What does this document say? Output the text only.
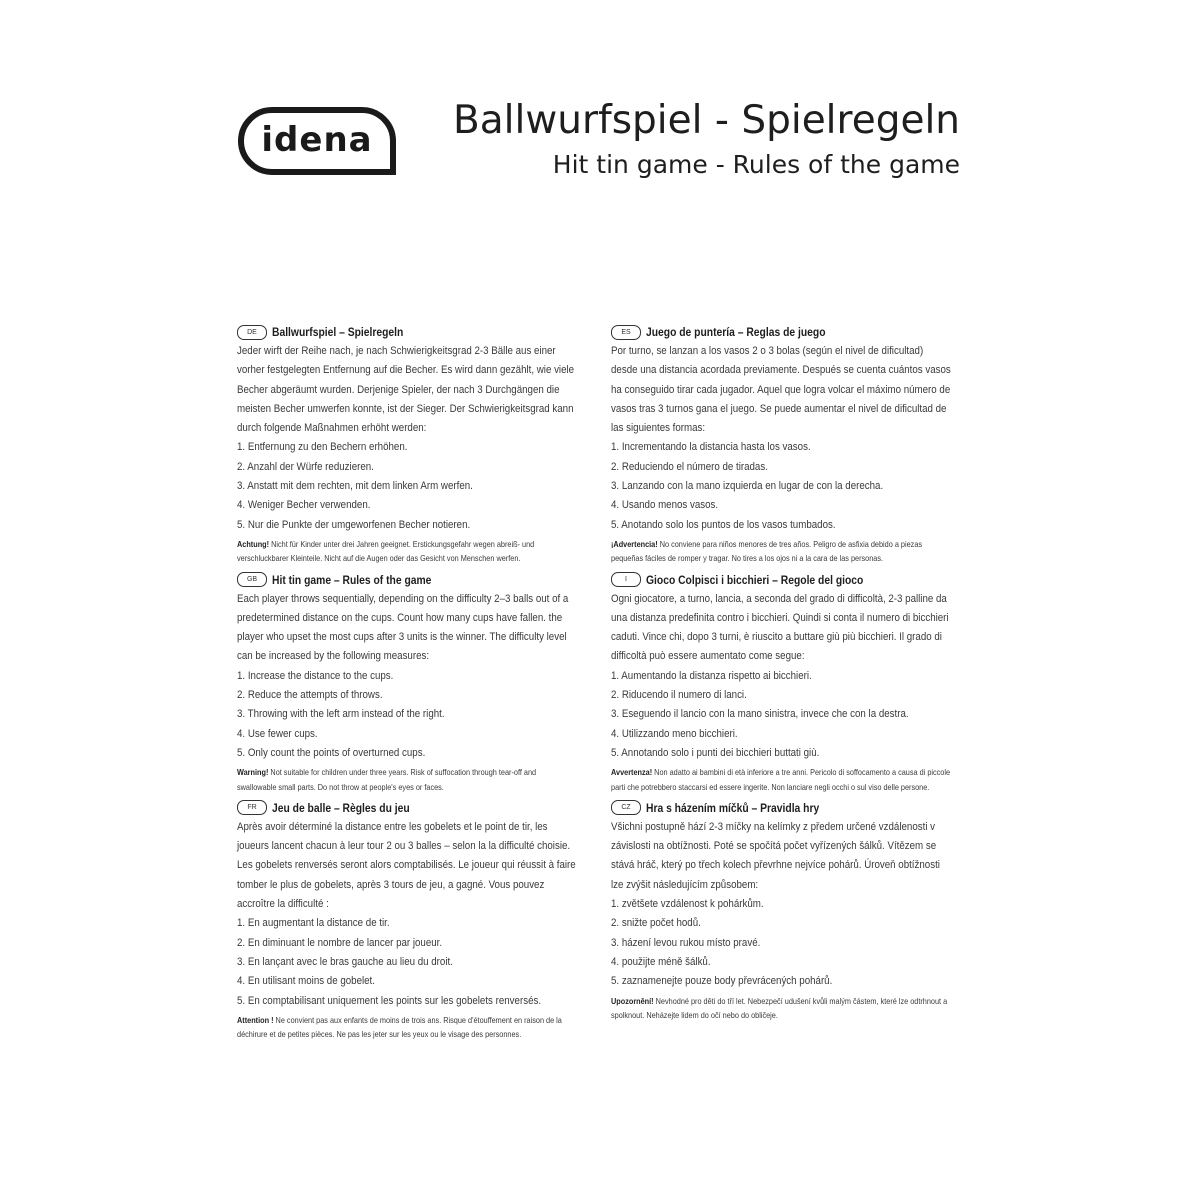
idena Ballwurfspiel - Spielregeln
Hit tin game - Rules of the game
DE	Ballwurfspiel – Spielregeln

Jeder wirft der Reihe nach, je nach Schwierigkeitsgrad 2-3 Bälle aus einer vorher festgelegten Entfernung auf die Becher. Es wird dann gezählt, wie viele Becher abgeräumt wurden. Derjenige Spieler, der nach 3 Durchgängen die meisten Becher umwerfen konnte, ist der Sieger. Der Schwierigkeitsgrad kann durch folgende Maßnahmen erhöht werden:

1. Entfernung zu den Bechern erhöhen.
2. Anzahl der Würfe reduzieren.
3. Anstatt mit dem rechten, mit dem linken Arm werfen.
4. Weniger Becher verwenden.
5. Nur die Punkte der umgeworfenen Becher notieren.

Achtung! Nicht für Kinder unter drei Jahren geeignet. Erstickungsgefahr wegen abreiß- und verschluckbarer Kleinteile. Nicht auf die Augen oder das Gesicht von Menschen werfen.

GB	Hit tin game – Rules of the game

Each player throws sequentially, depending on the difficulty 2–3 balls out of a predetermined distance on the cups. Count how many cups have fallen. the player who upset the most cups after 3 units is the winner. The difficulty level can be increased by the following measures:

1. Increase the distance to the cups.
2. Reduce the attempts of throws.
3. Throwing with the left arm instead of the right.
4. Use fewer cups.
5. Only count the points of overturned cups.

Warning! Not suitable for children under three years. Risk of suffocation through tear-off and swallowable small parts. Do not throw at people's eyes or faces.

FR	Jeu de balle – Règles du jeu

Après avoir déterminé la distance entre les gobelets et le point de tir, les joueurs lancent chacun à leur tour 2 ou 3 balles – selon la la difficulté choisie. Les gobelets renversés seront alors comptabilisés. Le joueur qui réussit à faire tomber le plus de gobelets, après 3 tours de jeu, a gagné. Vous pouvez accroître la difficulté :

1. En augmentant la distance de tir.
2. En diminuant le nombre de lancer par joueur.
3. En lançant avec le bras gauche au lieu du droit.
4. En utilisant moins de gobelet.
5. En comptabilisant uniquement les points sur les gobelets renversés.

Attention ! Ne convient pas aux enfants de moins de trois ans. Risque d'étouffement en raison de la déchirure et de petites pièces. Ne pas les jeter sur les yeux ou le visage des personnes.

ES	Juego de puntería – Reglas de juego

Por turno, se lanzan a los vasos 2 o 3 bolas (según el nivel de dificultad) desde una distancia acordada previamente. Después se cuenta cuántos vasos ha conseguido tirar cada jugador. Aquel que logra volcar el máximo número de vasos tras 3 turnos gana el juego. Se puede aumentar el nivel de dificultad de las siguientes formas:

1. Incrementando la distancia hasta los vasos.
2. Reduciendo el número de tiradas.
3. Lanzando con la mano izquierda en lugar de con la derecha.
4. Usando menos vasos.
5. Anotando solo los puntos de los vasos tumbados.

¡Advertencia! No conviene para niños menores de tres años. Peligro de asfixia debido a piezas pequeñas fáciles de romper y tragar. No tires a los ojos ni a la cara de las personas.

I	Gioco Colpisci i bicchieri – Regole del gioco

Ogni giocatore, a turno, lancia, a seconda del grado di difficoltà, 2-3 palline da una distanza predefinita contro i bicchieri. Quindi si conta il numero di bicchieri caduti. Vince chi, dopo 3 turni, è riuscito a buttare giù più bicchieri. Il grado di difficoltà può essere aumentato come segue:

1. Aumentando la distanza rispetto ai bicchieri.
2. Riducendo il numero di lanci.
3. Eseguendo il lancio con la mano sinistra, invece che con la destra.
4. Utilizzando meno bicchieri.
5. Annotando solo i punti dei bicchieri buttati giù.

Avvertenza! Non adatto ai bambini di età inferiore a tre anni. Pericolo di soffocamento a causa di piccole parti che potrebbero staccarsi ed essere ingerite. Non lanciare negli occhi o sul viso delle persone.

CZ	Hra s házením míčků – Pravidla hry

Všichni postupně hází 2-3 míčky na kelímky z předem určené vzdálenosti v závislosti na obtížnosti. Poté se spočítá počet vyřízených šálků. Vítězem se stává hráč, který po třech kolech převrhne nejvíce pohárů. Úroveň obtížnosti lze zvýšit následujícím způsobem:

1. zvětšete vzdálenost k pohárkům.
2. snižte počet hodů.
3. házení levou rukou místo pravé.
4. použijte méně šálků.
5. zaznamenejte pouze body převrácených pohárů.

Upozornění! Nevhodné pro děti do tří let. Nebezpečí udušení kvůli malým částem, které lze odtrhnout a spolknout. Neházejte lidem do očí nebo do obličeje.
